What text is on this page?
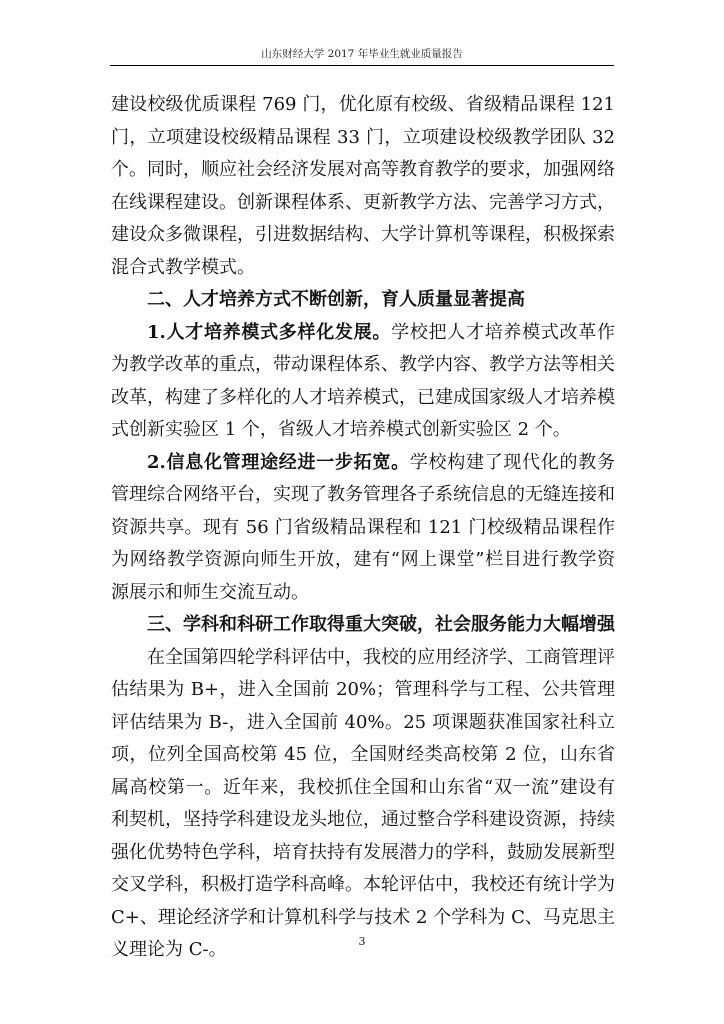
山东财经大学 2017 年毕业生就业质量报告

建设校级优质课程 769 门，优化原有校级、省级精品课程 121 门，立项建设校级精品课程 33 门，立项建设校级教学团队 32 个。同时，顺应社会经济发展对高等教育教学的要求，加强网络在线课程建设。创新课程体系、更新教学方法、完善学习方式，建设众多微课程，引进数据结构、大学计算机等课程，积极探索混合式教学模式。

二、人才培养方式不断创新，育人质量显著提高

1.人才培养模式多样化发展。学校把人才培养模式改革作为教学改革的重点，带动课程体系、教学内容、教学方法等相关改革，构建了多样化的人才培养模式，已建成国家级人才培养模式创新实验区 1 个，省级人才培养模式创新实验区 2 个。

2.信息化管理途经进一步拓宽。学校构建了现代化的教务管理综合网络平台，实现了教务管理各子系统信息的无缝连接和资源共享。现有 56 门省级精品课程和 121 门校级精品课程作为网络教学资源向师生开放，建有“网上课堂”栏目进行教学资源展示和师生交流互动。

三、学科和科研工作取得重大突破，社会服务能力大幅增强

在全国第四轮学科评估中，我校的应用经济学、工商管理评估结果为 B+，进入全国前 20%；管理科学与工程、公共管理评估结果为 B-，进入全国前 40%。25 项课题获准国家社科立项，位列全国高校第 45 位，全国财经类高校第 2 位，山东省属高校第一。近年来，我校抓住全国和山东省“双一流”建设有利契机，坚持学科建设龙头地位，通过整合学科建设资源，持续强化优势特色学科，培育扶持有发展潜力的学科，鼓励发展新型交叉学科，积极打造学科高峰。本轮评估中，我校还有统计学为 C+、理论经济学和计算机科学与技术 2 个学科为 C、马克思主义理论为 C-。	3
